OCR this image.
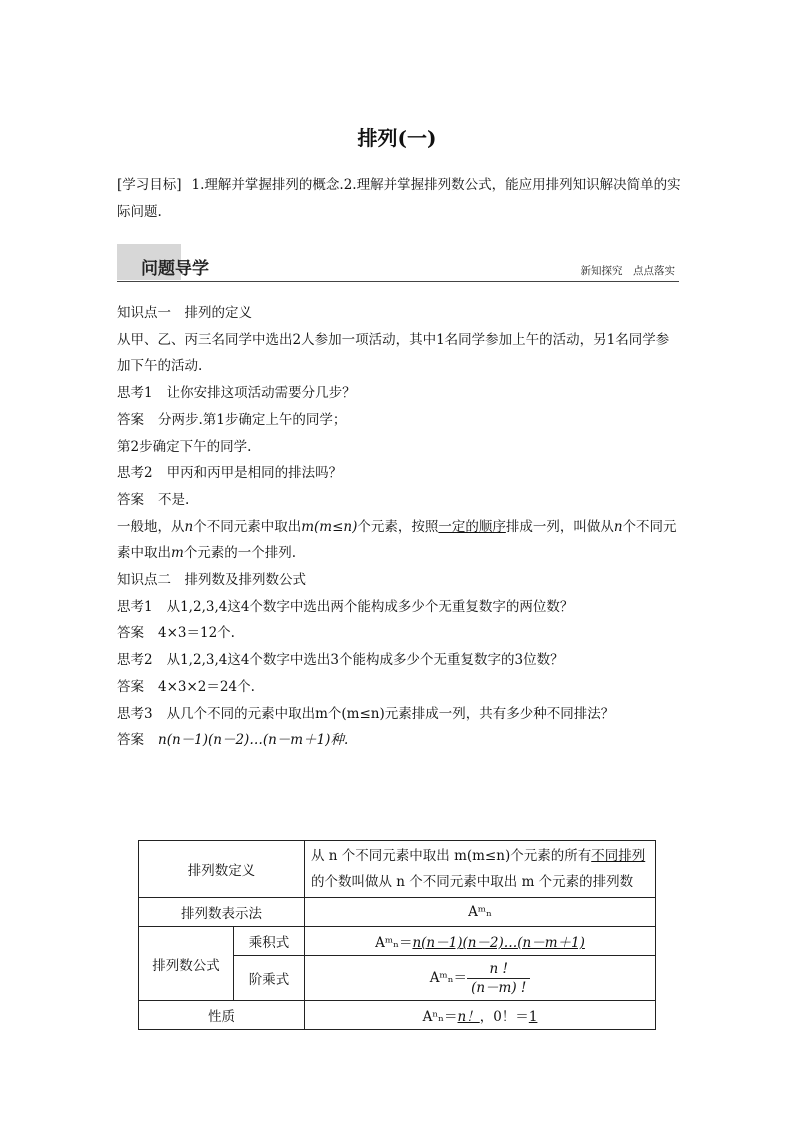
排列(一)
[学习目标] 1.理解并掌握排列的概念.2.理解并掌握排列数公式，能应用排列知识解决简单的实际问题.
问题导学	新知探究　点点落实

知识点一　排列的定义

从甲、乙、丙三名同学中选出2人参加一项活动，其中1名同学参加上午的活动，另1名同学参加下午的活动.

思考1 让你安排这项活动需要分几步？

答案 分两步.第1步确定上午的同学；

第2步确定下午的同学.

思考2 甲丙和丙甲是相同的排法吗？

答案 不是.

一般地，从n个不同元素中取出m(m≤n)个元素，按照一定的顺序排成一列，叫做从n个不同元素中取出m个元素的一个排列.

知识点二　排列数及排列数公式

思考1 从1,2,3,4这4个数字中选出两个能构成多少个无重复数字的两位数？

答案 4×3＝12个.

思考2 从1,2,3,4这4个数字中选出3个能构成多少个无重复数字的3位数？

答案 4×3×2＝24个.

思考3 从几个不同的元素中取出m个(m≤n)元素排成一列，共有多少种不同排法？

答案 n(n－1)(n－2)…(n－m＋1)种.

排列数定义		从 n 个不同元素中取出 m(m≤n)个元素的所有不同排列的个数叫做从 n 个不同元素中取出 m 个元素的排列数
排列数表示法		Aᵐₙ
排列数公式	乘积式	Aᵐₙ＝n(n－1)(n－2)…(n－m＋1)
	阶乘式	Aᵐₙ＝ $\frac{n !}{(n-m) !}$

性质		Aⁿₙ＝n！，0！＝1
